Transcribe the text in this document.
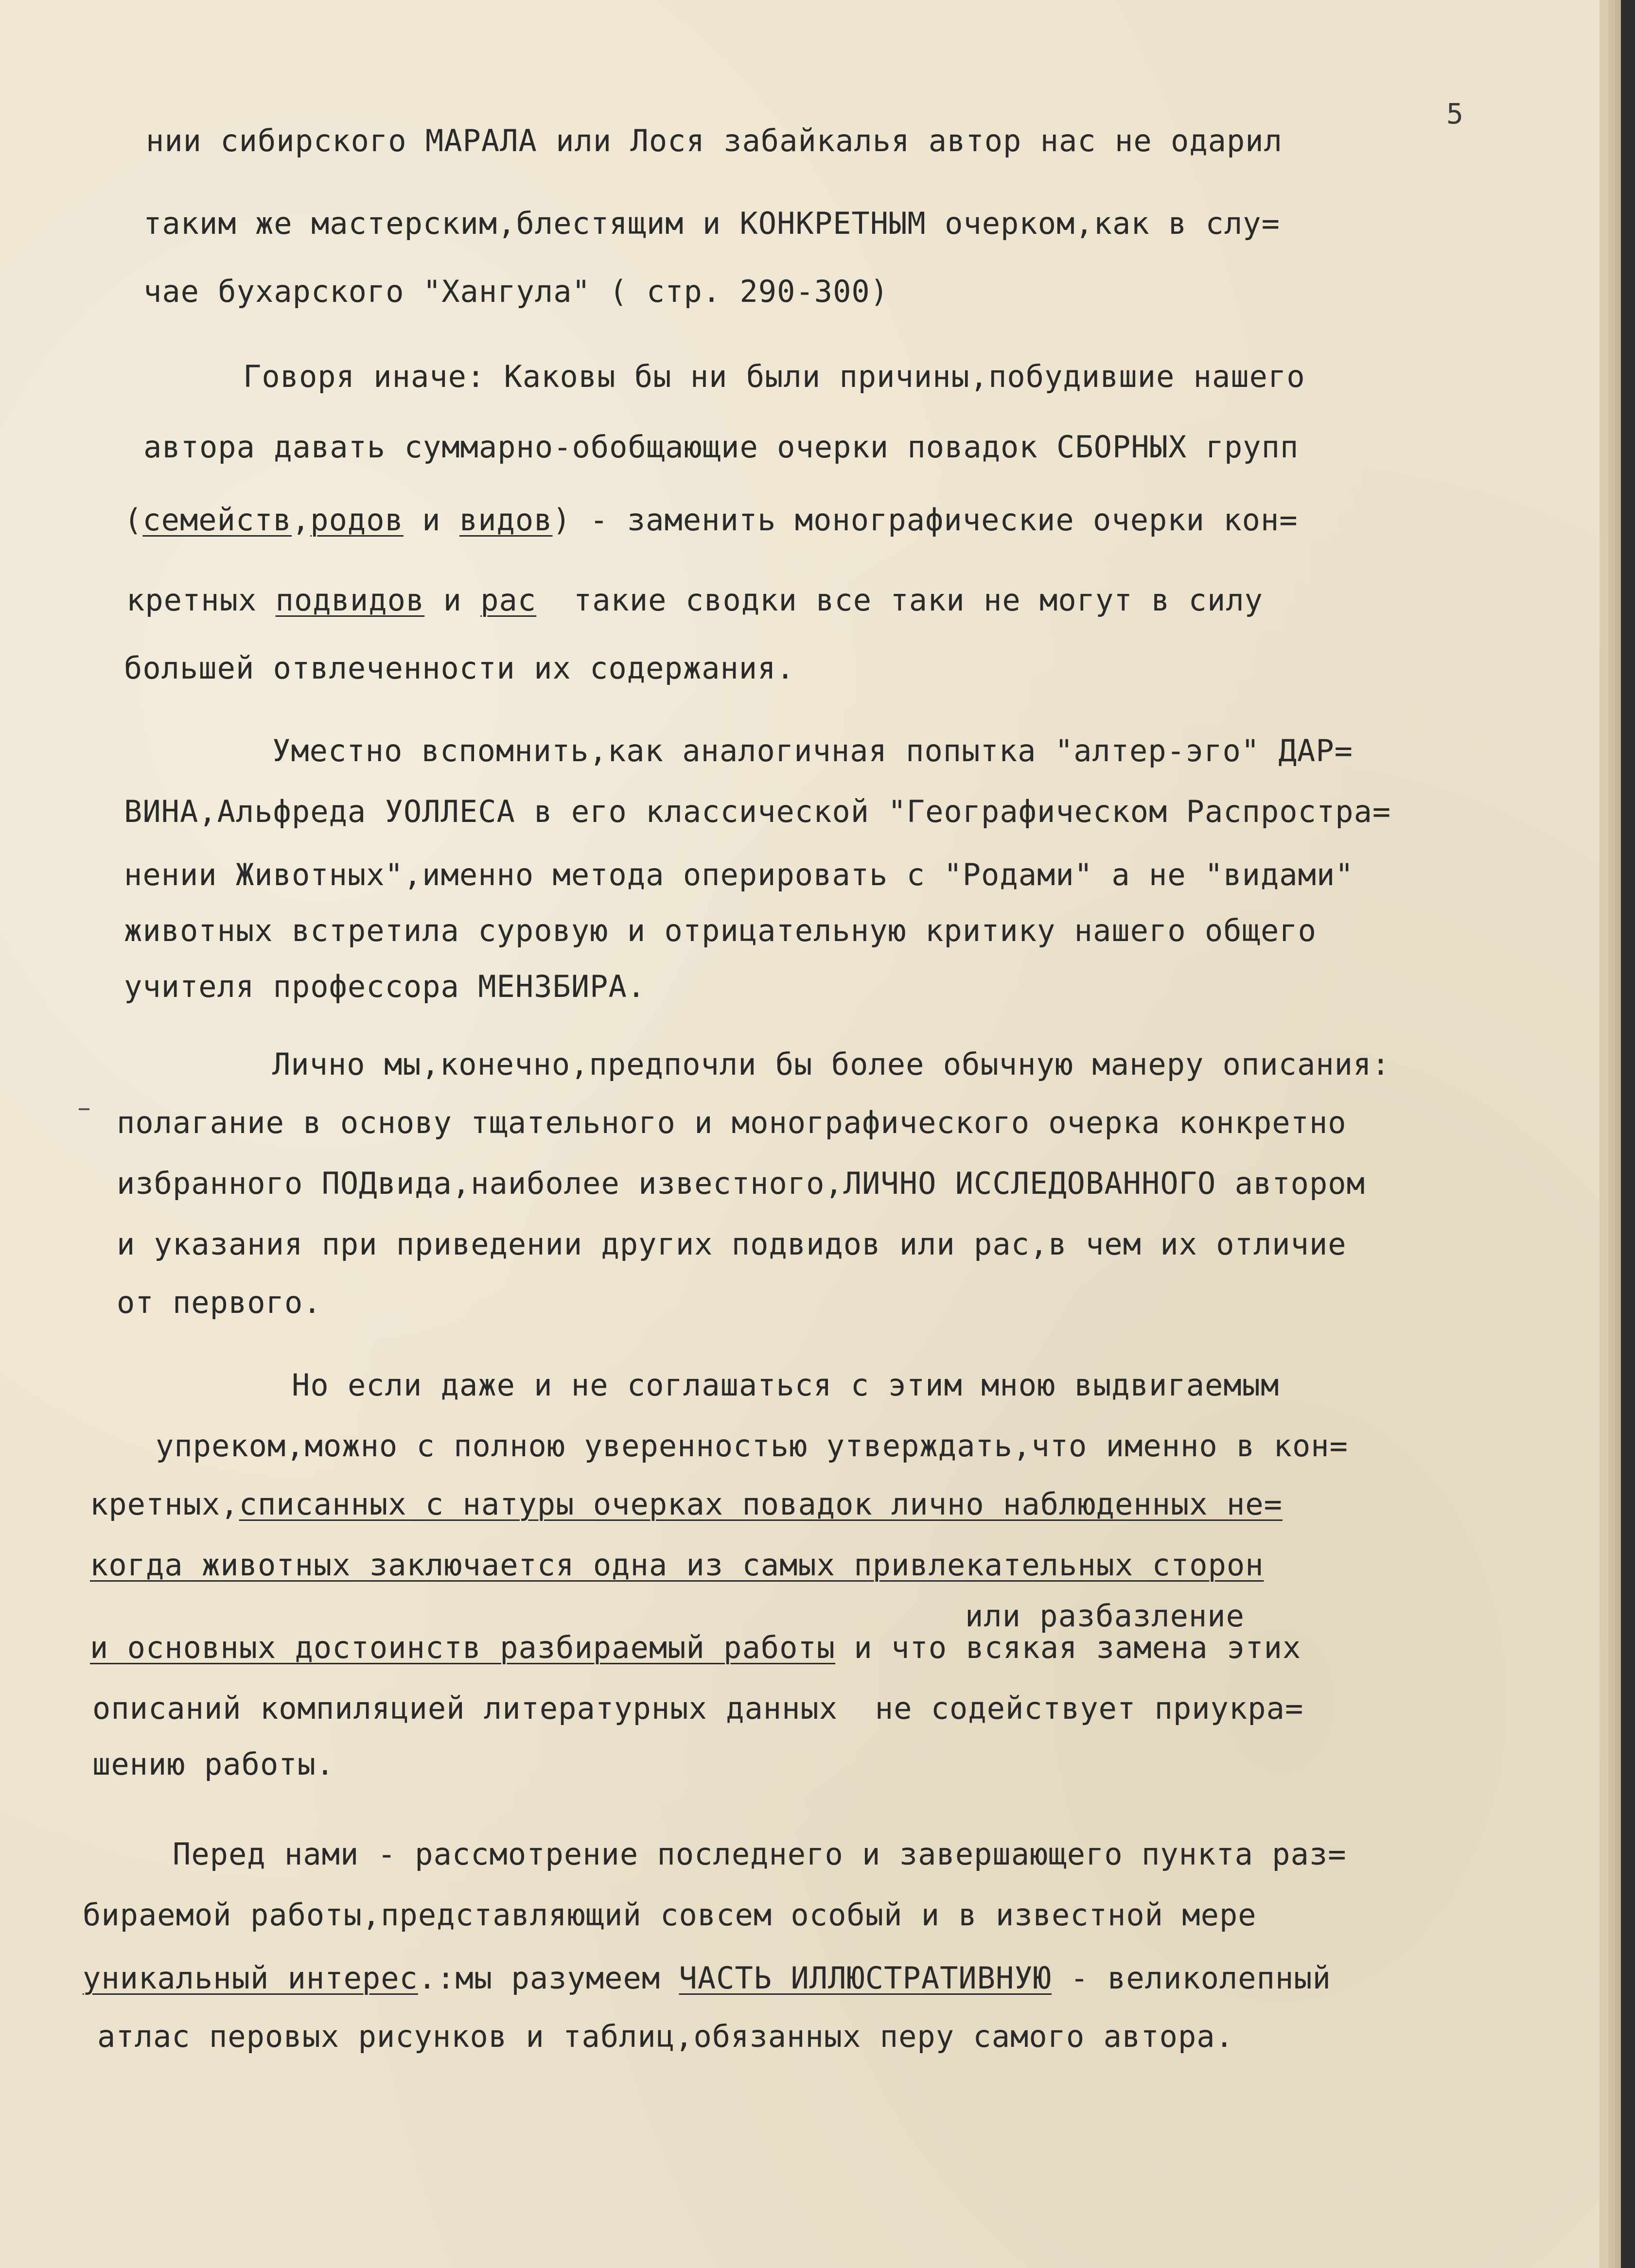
5
нии сибирского МАРАЛА или Лося забайкалья автор нас не одарил
таким же мастерским,блестящим и КОНКРЕТНЫМ очерком,как в слу=
чае бухарского "Хангула" ( стр. 290-300)
Говоря иначе: Каковы бы ни были причины,побудившие нашего
автора давать суммарно-обобщающие очерки повадок СБОРНЫХ групп
(семейств,родов и видов) - заменить монографические очерки кон=
кретных подвидов и рас  такие сводки все таки не могут в силу
большей отвлеченности их содержания.
Уместно вспомнить,как аналогичная попытка "алтер-эго" ДАР=
ВИНА,Альфреда УОЛЛЕСА в его классической "Географическом Распростра=
нении Животных",именно метода оперировать с "Родами" а не "видами"
животных встретила суровую и отрицательную критику нашего общего
учителя профессора МЕНЗБИРА.
Лично мы,конечно,предпочли бы более обычную манеру описания:
полагание в основу тщательного и монографического очерка конкретно
избранного ПОДвида,наиболее известного,ЛИЧНО ИССЛЕДОВАННОГО автором
и указания при приведении других подвидов или рас,в чем их отличие
от первого.
Но если даже и не соглашаться с этим мною выдвигаемым
упреком,можно с полною уверенностью утверждать,что именно в кон=
кретных,списанных с натуры очерках повадок лично наблюденных не=
когда животных заключается одна из самых привлекательных сторон
или разбазление
и основных достоинств разбираемый работы и что всякая замена этих
описаний компиляцией литературных данных  не содействует приукра=
шению работы.
Перед нами - рассмотрение последнего и завершающего пункта раз=
бираемой работы,представляющий совсем особый и в известной мере
уникальный интерес.:мы разумеем ЧАСТЬ ИЛЛЮСТРАТИВНУЮ - великолепный
атлас перовых рисунков и таблиц,обязанных перу самого автора.
